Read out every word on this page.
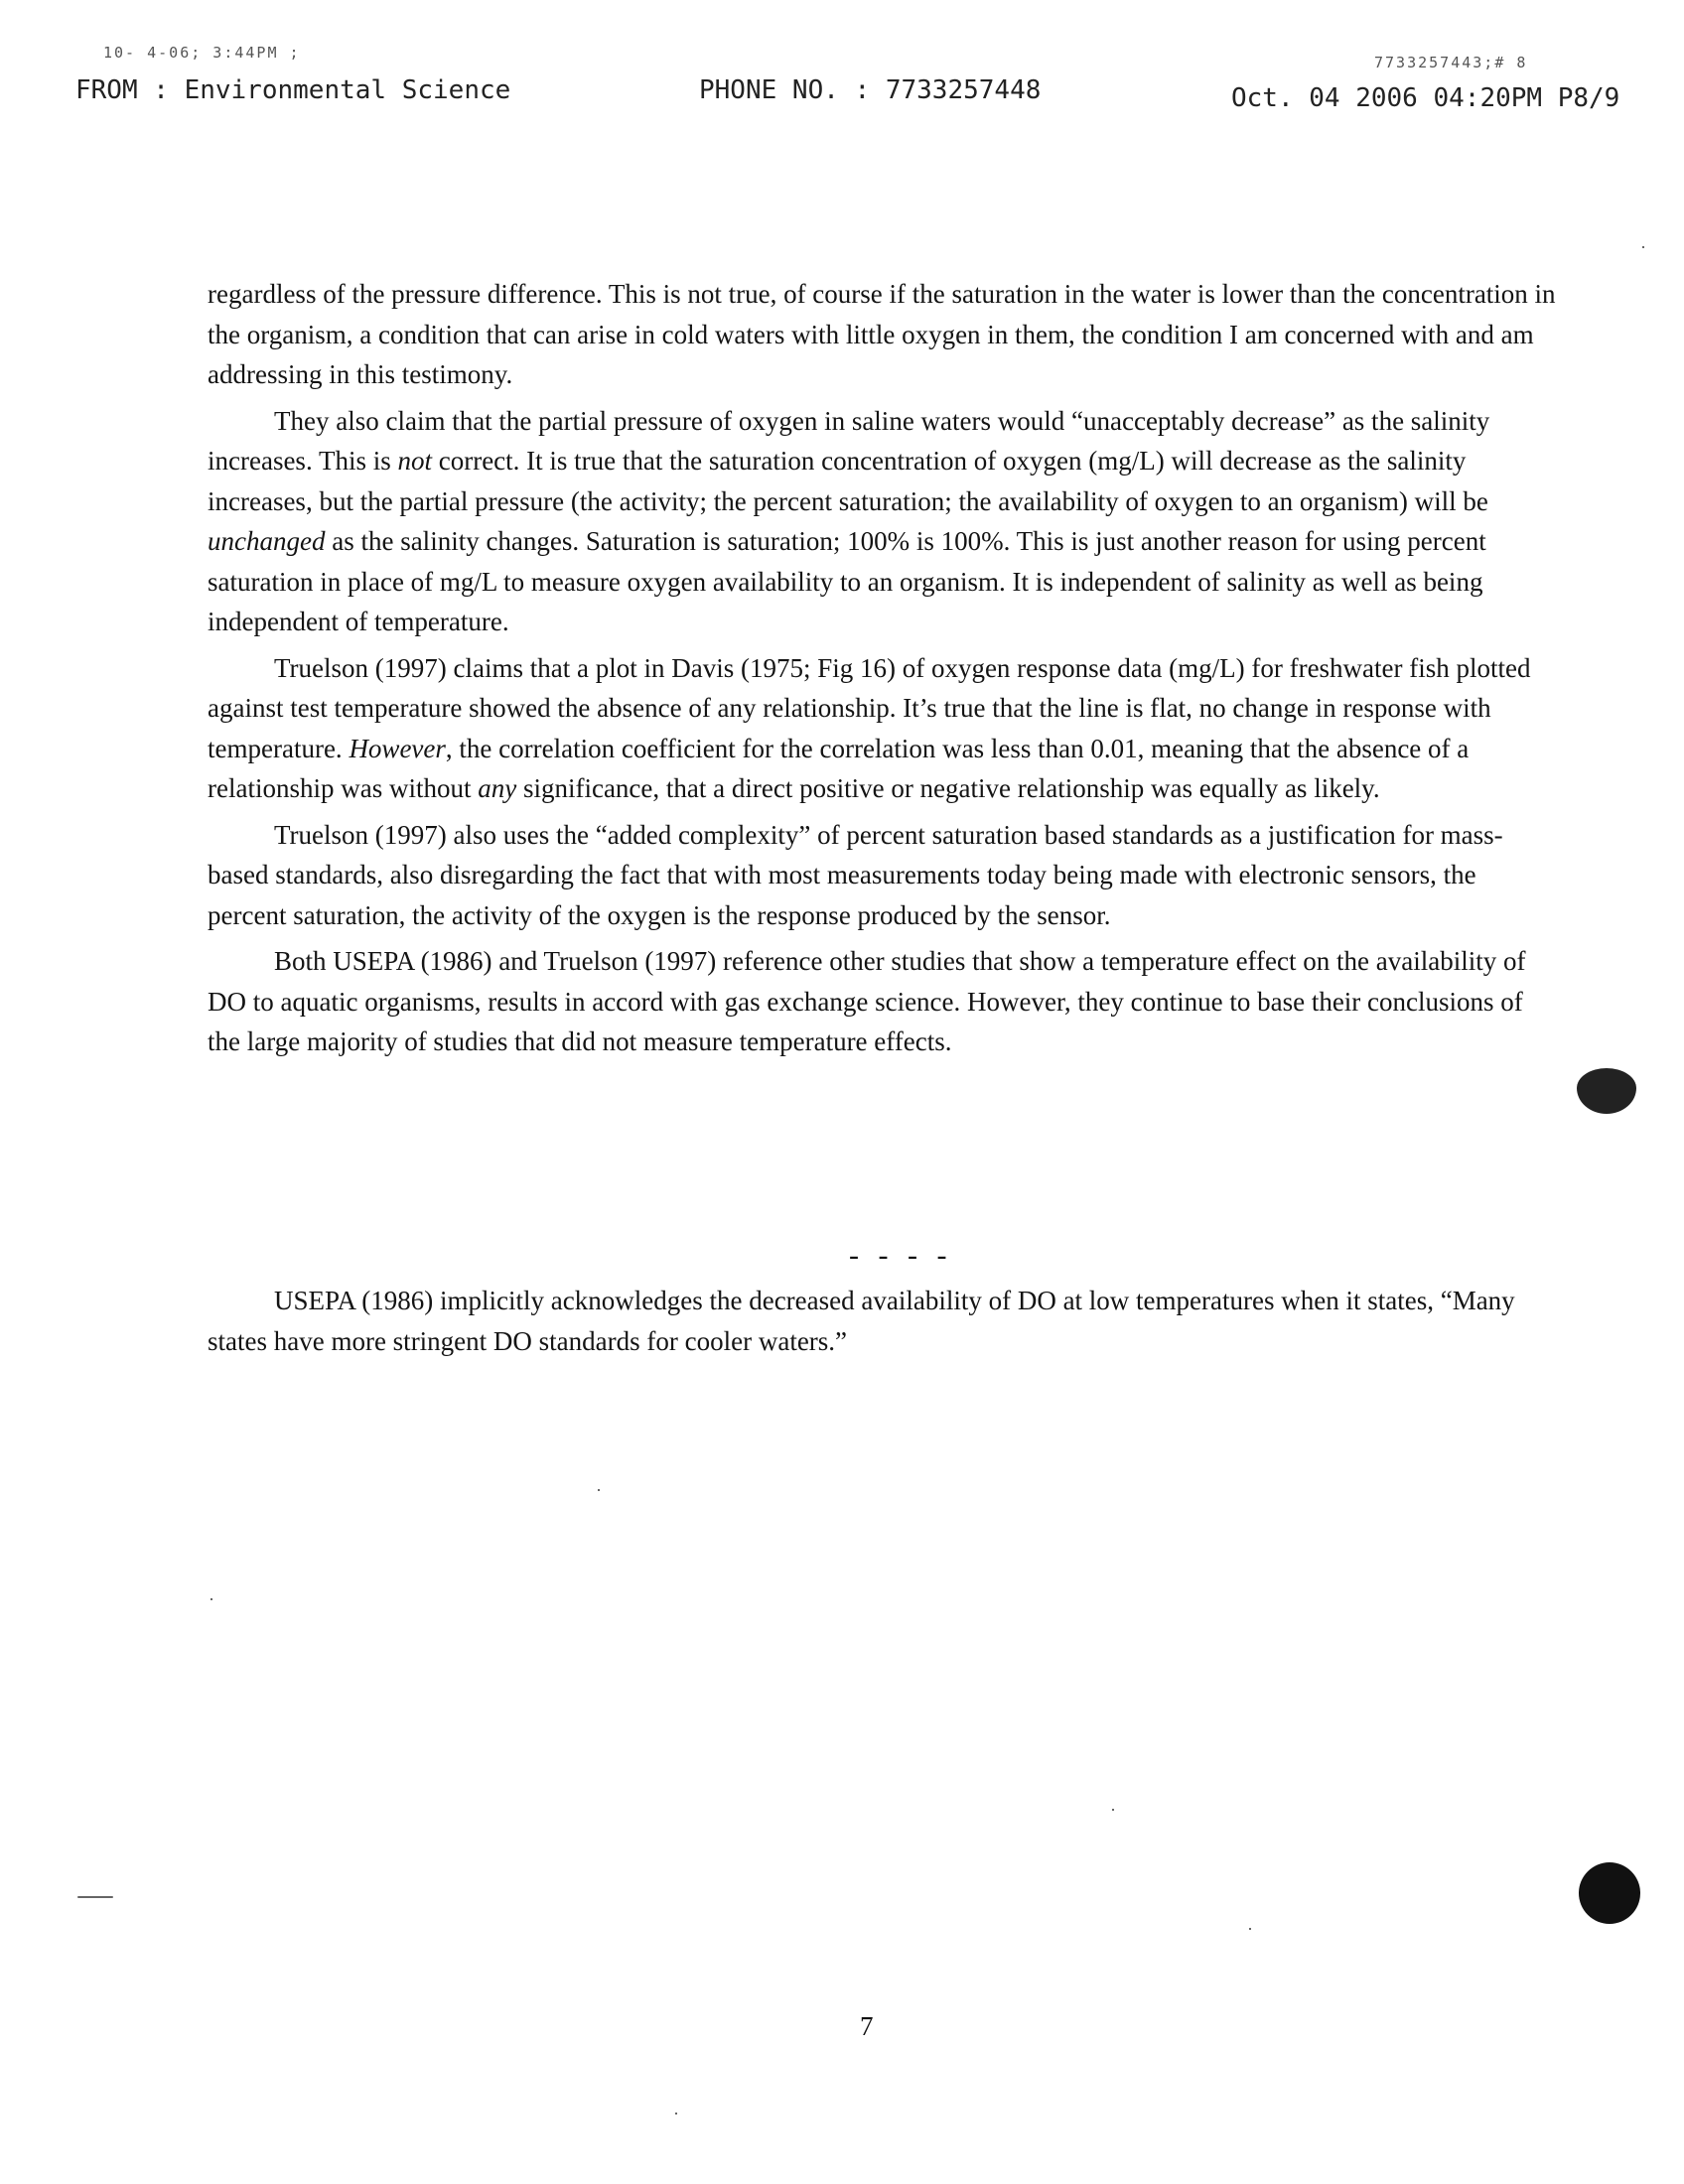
10- 4-06; 3:44PM ;
7733257443;# 8
FROM : Environmental Science	PHONE NO. : 7733257448	Oct. 04 2006 04:20PM P8/9

regardless of the pressure difference. This is not true, of course if the saturation in the water is lower than the concentration in the organism, a condition that can arise in cold waters with little oxygen in them, the condition I am concerned with and am addressing in this testimony.

They also claim that the partial pressure of oxygen in saline waters would “unacceptably decrease” as the salinity increases. This is not correct. It is true that the saturation concentration of oxygen (mg/L) will decrease as the salinity increases, but the partial pressure (the activity; the percent saturation; the availability of oxygen to an organism) will be unchanged as the salinity changes. Saturation is saturation; 100% is 100%. This is just another reason for using percent saturation in place of mg/L to measure oxygen availability to an organism. It is independent of salinity as well as being independent of temperature.

Truelson (1997) claims that a plot in Davis (1975; Fig 16) of oxygen response data (mg/L) for freshwater fish plotted against test temperature showed the absence of any relationship. It’s true that the line is flat, no change in response with temperature. However, the correlation coefficient for the correlation was less than 0.01, meaning that the absence of a relationship was without any significance, that a direct positive or negative relationship was equally as likely.

Truelson (1997) also uses the “added complexity” of percent saturation based standards as a justification for mass-based standards, also disregarding the fact that with most measurements today being made with electronic sensors, the percent saturation, the activity of the oxygen is the response produced by the sensor.

Both USEPA (1986) and Truelson (1997) reference other studies that show a temperature effect on the availability of DO to aquatic organisms, results in accord with gas exchange science. However, they continue to base their conclusions of the large majority of studies that did not measure temperature effects.

- - - -

USEPA (1986) implicitly acknowledges the decreased availability of DO at low temperatures when it states, “Many states have more stringent DO standards for cooler waters.”

7
